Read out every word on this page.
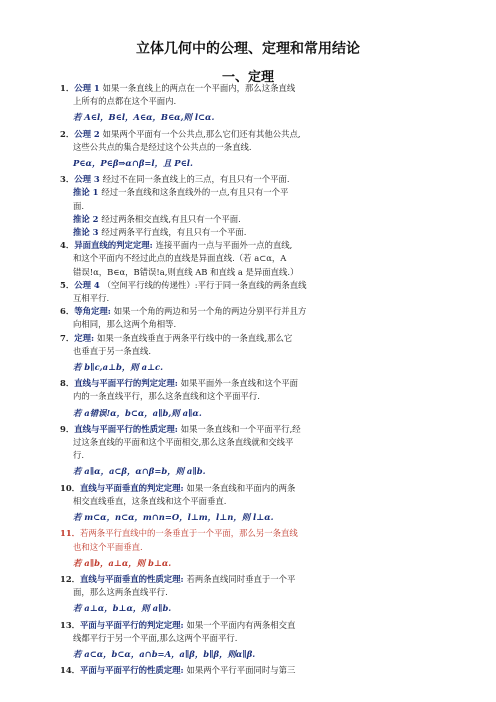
立体几何中的公理、定理和常用结论
一、定理
1．公理 1 如果一条直线上的两点在一个平面内，那么这条直线
上所有的点都在这个平面内.
若 A∈l，B∈l，A∈α，B∈α,则 l⊂α.
2．公理 2 如果两个平面有一个公共点,那么它们还有其他公共点,
这些公共点的集合是经过这个公共点的一条直线.
P∈α，P∈β⇒α∩β=l，且 P∈l.
3．公理 3 经过不在同一条直线上的三点，有且只有一个平面.
推论 1 经过一条直线和这条直线外的一点,有且只有一个平
面.
推论 2 经过两条相交直线,有且只有一个平面.
推论 3 经过两条平行直线，有且只有一个平面.
4．异面直线的判定定理: 连接平面内一点与平面外一点的直线,
和这个平面内不经过此点的直线是异面直线.（若 a⊂α，A
错误!α，B∈α，B错误!a,则直线 AB 和直线 a 是异面直线.）
5．公理 4 （空间平行线的传递性）:平行于同一条直线的两条直线
互相平行.
6．等角定理: 如果一个角的两边和另一个角的两边分别平行并且方
向相同，那么这两个角相等.
7．定理: 如果一条直线垂直于两条平行线中的一条直线,那么它
也垂直于另一条直线.
若 b∥c,a⊥b，则 a⊥c.
8．直线与平面平行的判定定理: 如果平面外一条直线和这个平面
内的一条直线平行，那么这条直线和这个平面平行.
若 a错误!α，b⊂α，a∥b,则 a∥α.
9．直线与平面平行的性质定理: 如果一条直线和一个平面平行,经
过这条直线的平面和这个平面相交,那么这条直线就和交线平
行.
若 a∥α，a⊂β，α∩β=b，则 a∥b.
10．直线与平面垂直的判定定理: 如果一条直线和平面内的两条
相交直线垂直，这条直线和这个平面垂直.
若 m⊂α，n⊂α，m∩n=O，l⊥m，l⊥n，则 l⊥α.
11．若两条平行直线中的一条垂直于一个平面，那么另一条直线
也和这个平面垂直.
若 a∥b，a⊥α，则 b⊥α.
12．直线与平面垂直的性质定理: 若两条直线同时垂直于一个平
面，那么这两条直线平行.
若 a⊥α，b⊥α，则 a∥b.
13．平面与平面平行的判定定理: 如果一个平面内有两条相交直
线都平行于另一个平面,那么这两个平面平行.
若 a⊂α，b⊂α，a∩b=A，a∥β，b∥β，则α∥β.
14．平面与平面平行的性质定理: 如果两个平行平面同时与第三
